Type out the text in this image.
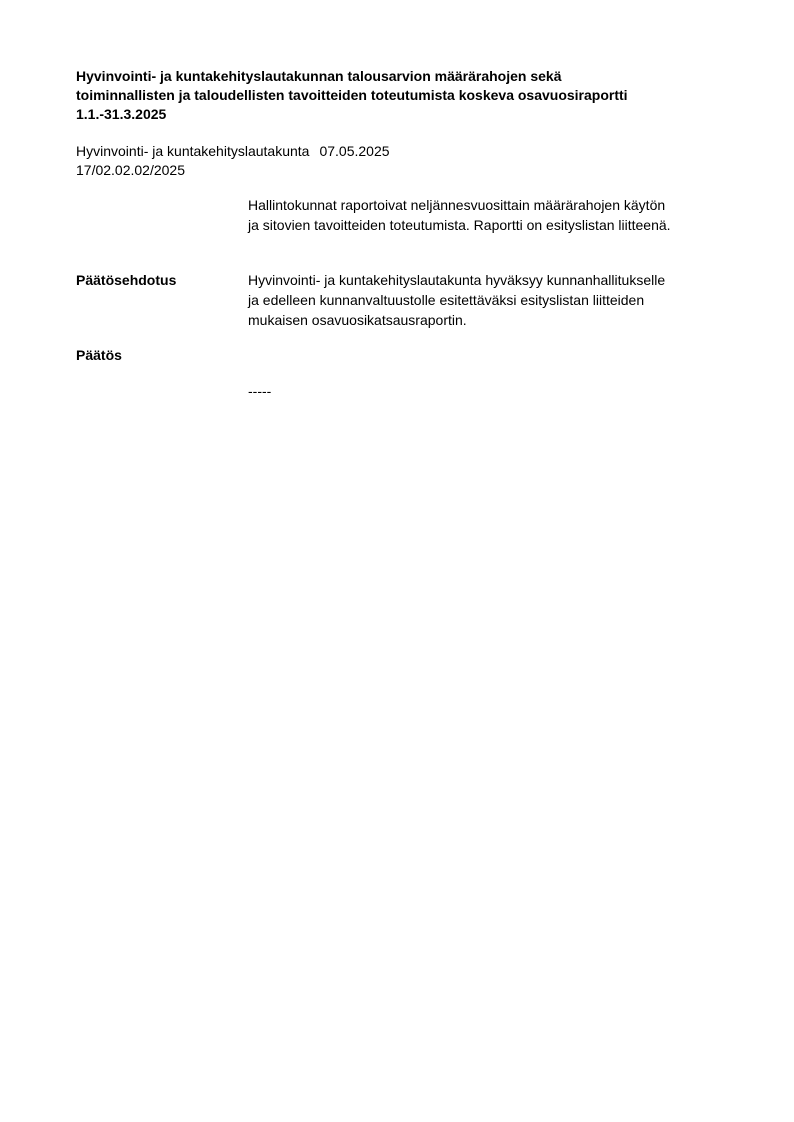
Hyvinvointi- ja kuntakehityslautakunnan talousarvion määrärahojen sekä
toiminnallisten ja taloudellisten tavoitteiden toteutumista koskeva osavuosiraportti
1.1.-31.3.2025
Hyvinvointi- ja kuntakehityslautakunta 07.05.2025
17/02.02.02/2025
Hallintokunnat raportoivat neljännesvuosittain määrärahojen käytön
ja sitovien tavoitteiden toteutumista. Raportti on esityslistan liitteenä.
Päätösehdotus	Hyvinvointi- ja kuntakehityslautakunta hyväksyy kunnanhallitukselle
ja edelleen kunnanvaltuustolle esitettäväksi esityslistan liitteiden
mukaisen osavuosikatsausraportin.
Päätös
-----
